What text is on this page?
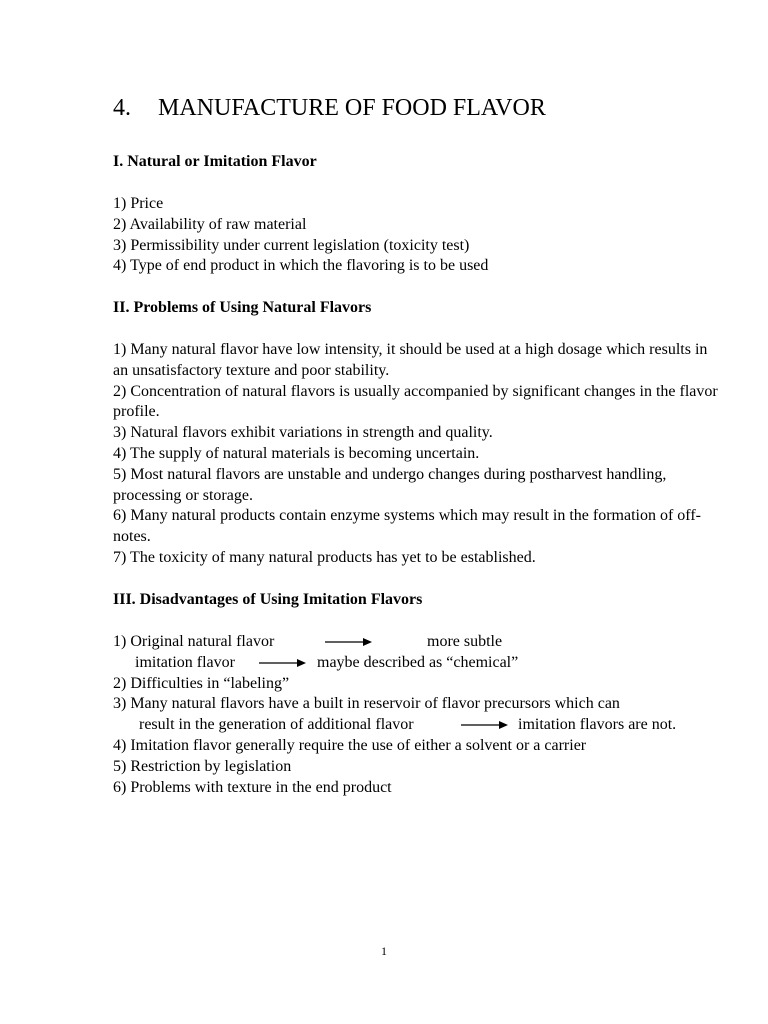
4. MANUFACTURE OF FOOD FLAVOR
I. Natural or Imitation Flavor
1) Price
2) Availability of raw material
3) Permissibility under current legislation (toxicity test)
4) Type of end product in which the flavoring is to be used
II. Problems of Using Natural Flavors
1) Many natural flavor have low intensity, it should be used at a high dosage which results in an unsatisfactory texture and poor stability.
2) Concentration of natural flavors is usually accompanied by significant changes in the flavor profile.
3) Natural flavors exhibit variations in strength and quality.
4) The supply of natural materials is becoming uncertain.
5) Most natural flavors are unstable and undergo changes during postharvest handling, processing or storage.
6) Many natural products contain enzyme systems which may result in the formation of off-notes.
7) The toxicity of many natural products has yet to be established.
III. Disadvantages of Using Imitation Flavors
1) Original natural flavor	more subtle
imitation flavor	maybe described as “chemical”
2) Difficulties in “labeling”
3) Many natural flavors have a built in reservoir of flavor precursors which can
result in the generation of additional flavor	imitation flavors are not.
4) Imitation flavor generally require the use of either a solvent or a carrier
5) Restriction by legislation
6) Problems with texture in the end product
1
